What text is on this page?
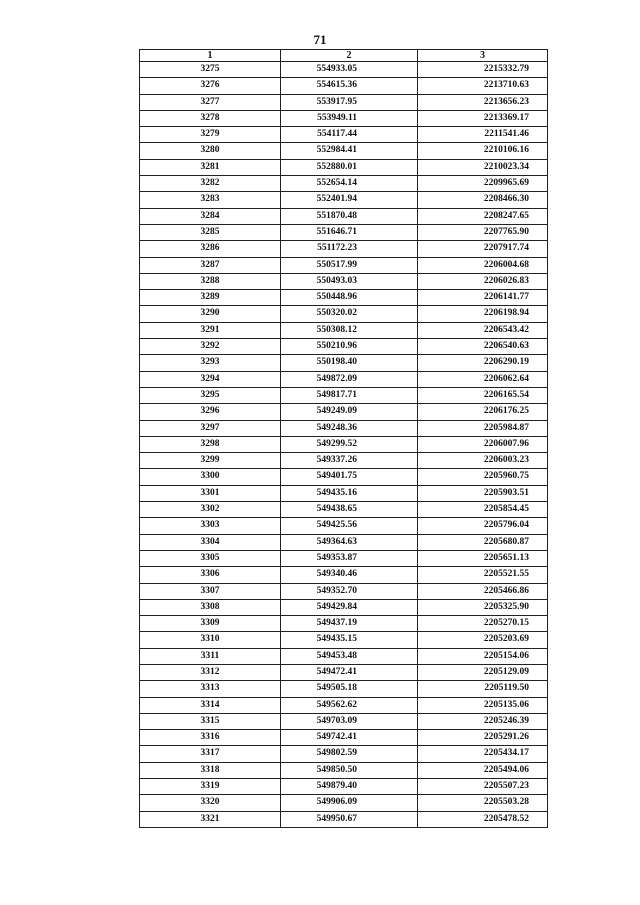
71
1	2	3
3275	554933.05	2215332.79
3276	554615.36	2213710.63
3277	553917.95	2213656.23
3278	553949.11	2213369.17
3279	554117.44	2211541.46
3280	552984.41	2210106.16
3281	552880.01	2210023.34
3282	552654.14	2209965.69
3283	552401.94	2208466.30
3284	551870.48	2208247.65
3285	551646.71	2207765.90
3286	551172.23	2207917.74
3287	550517.99	2206004.68
3288	550493.03	2206026.83
3289	550448.96	2206141.77
3290	550320.02	2206198.94
3291	550308.12	2206543.42
3292	550210.96	2206540.63
3293	550198.40	2206290.19
3294	549872.09	2206062.64
3295	549817.71	2206165.54
3296	549249.09	2206176.25
3297	549248.36	2205984.87
3298	549299.52	2206007.96
3299	549337.26	2206003.23
3300	549401.75	2205960.75
3301	549435.16	2205903.51
3302	549438.65	2205854.45
3303	549425.56	2205796.04
3304	549364.63	2205680.87
3305	549353.87	2205651.13
3306	549340.46	2205521.55
3307	549352.70	2205466.86
3308	549429.84	2205325.90
3309	549437.19	2205270.15
3310	549435.15	2205203.69
3311	549453.48	2205154.06
3312	549472.41	2205129.09
3313	549505.18	2205119.50
3314	549562.62	2205135.06
3315	549703.09	2205246.39
3316	549742.41	2205291.26
3317	549802.59	2205434.17
3318	549850.50	2205494.06
3319	549879.40	2205507.23
3320	549906.09	2205503.28
3321	549950.67	2205478.52
